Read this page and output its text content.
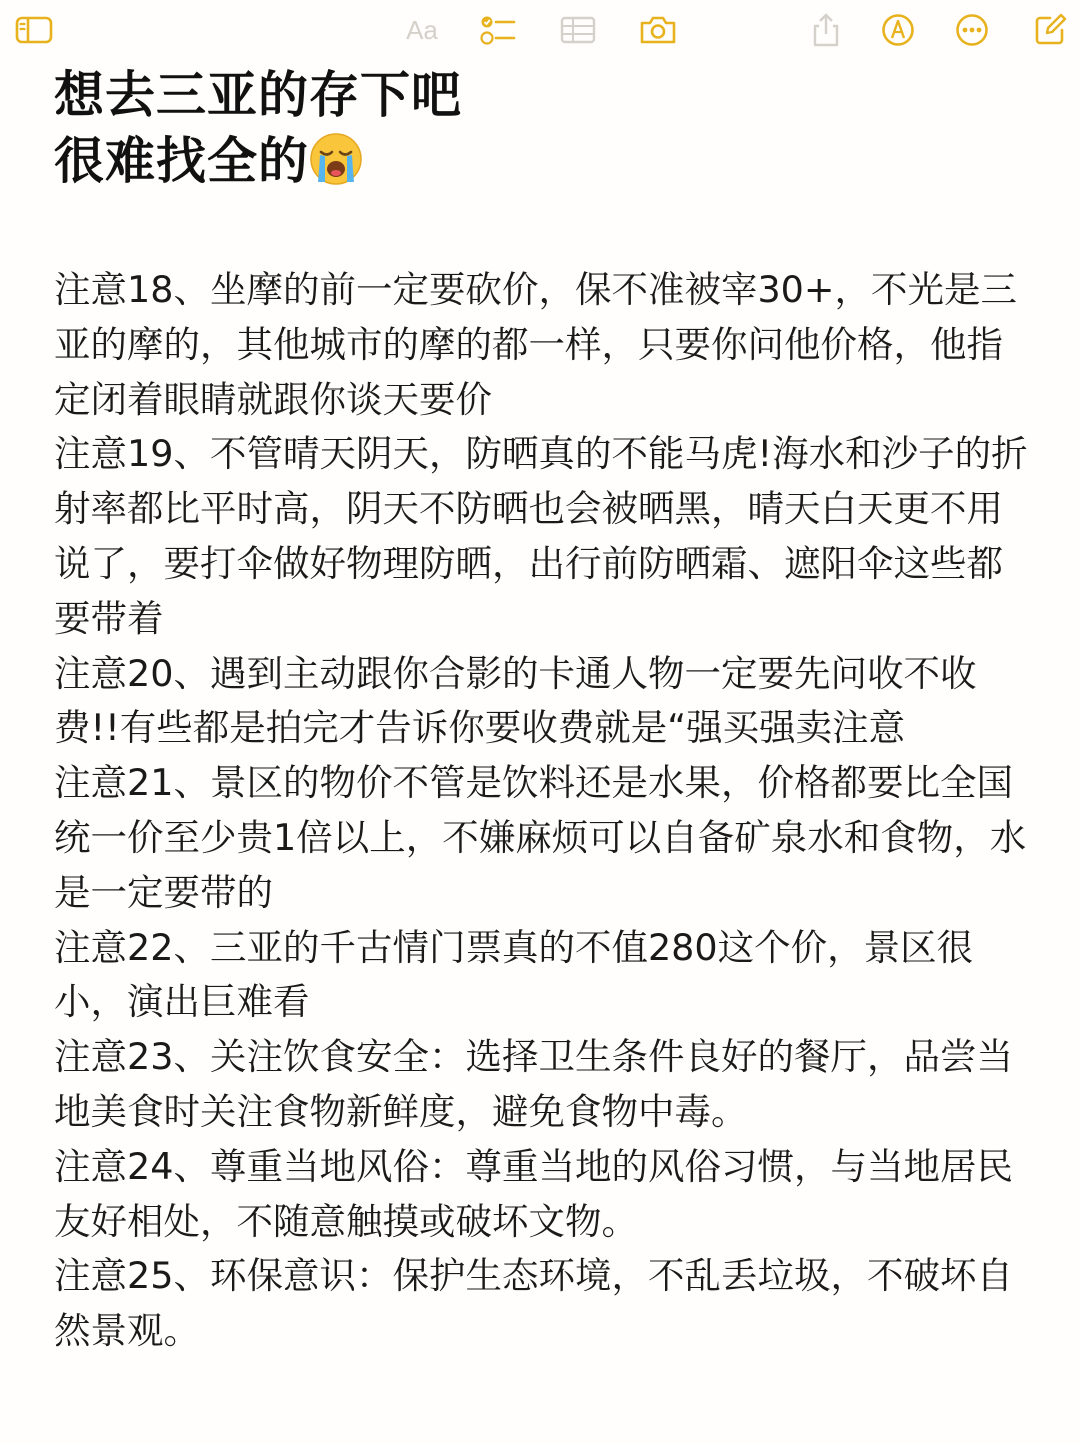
Aa
想去三亚的存下吧
很难找全的

注意18、坐摩的前一定要砍价，保不准被宰30+，不光是三亚的摩的，其他城市的摩的都一样，只要你问他价格，他指定闭着眼睛就跟你谈天要价

注意19、不管晴天阴天，防晒真的不能马虎!海水和沙子的折射率都比平时高，阴天不防晒也会被晒黑，晴天白天更不用说了，要打伞做好物理防晒，出行前防晒霜、遮阳伞这些都要带着

注意20、遇到主动跟你合影的卡通人物一定要先问收不收费!!有些都是拍完才告诉你要收费就是“强买强卖注意

注意21、景区的物价不管是饮料还是水果，价格都要比全国统一价至少贵1倍以上，不嫌麻烦可以自备矿泉水和食物，水是一定要带的

注意22、三亚的千古情门票真的不值280这个价，景区很小，演出巨难看

注意23、关注饮食安全：选择卫生条件良好的餐厅，品尝当地美食时关注食物新鲜度，避免食物中毒。

注意24、尊重当地风俗：尊重当地的风俗习惯，与当地居民友好相处，不随意触摸或破坏文物。

注意25、环保意识：保护生态环境，不乱丢垃圾，不破坏自然景观。
